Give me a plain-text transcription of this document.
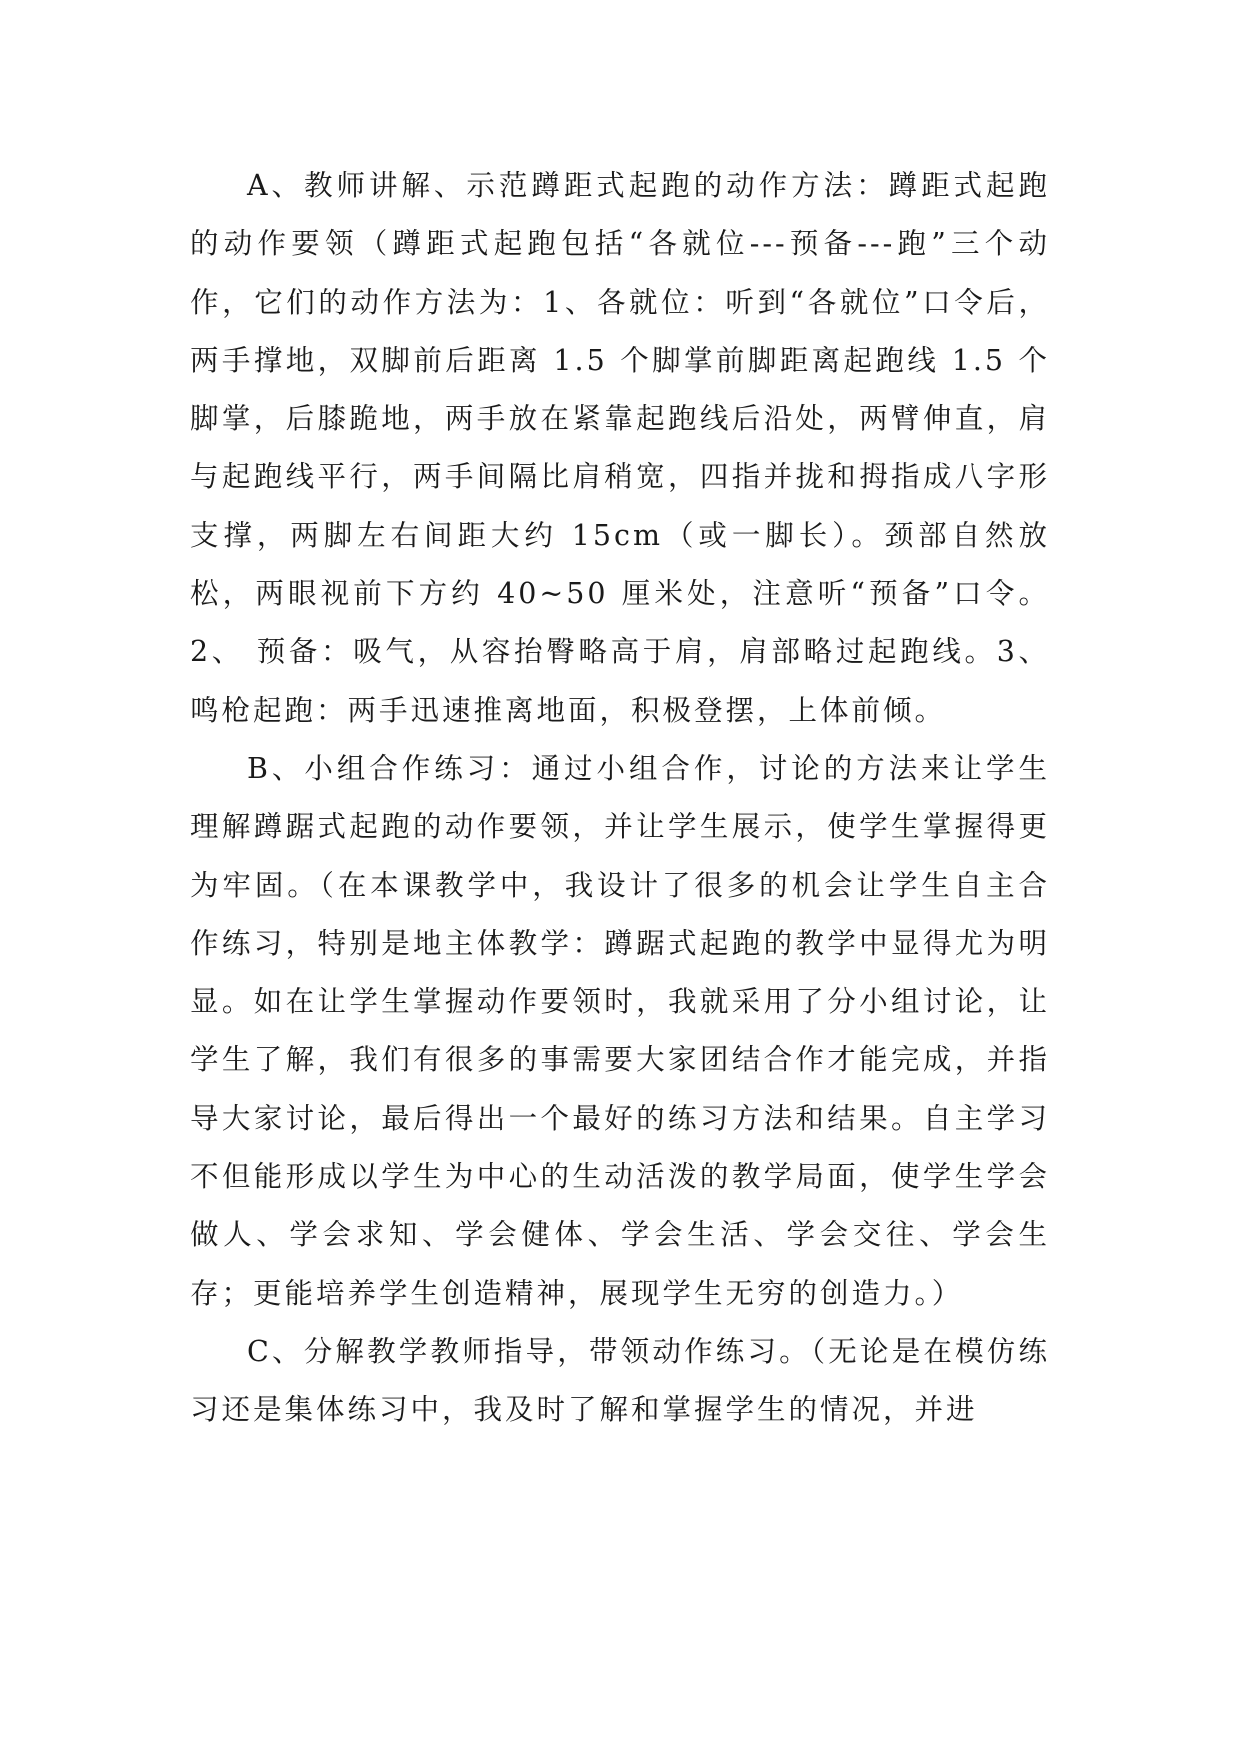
A、教师讲解、示范蹲距式起跑的动作方法：蹲距式起跑的动作要领（蹲距式起跑包括“各就位---预备---跑”三个动作，它们的动作方法为：1、各就位：听到“各就位”口令后，两手撑地，双脚前后距离 1.5 个脚掌前脚距离起跑线 1.5 个脚掌，后膝跪地，两手放在紧靠起跑线后沿处，两臂伸直，肩与起跑线平行，两手间隔比肩稍宽，四指并拢和拇指成八字形支撑，两脚左右间距大约 15cm（或一脚长）。颈部自然放松，两眼视前下方约 40~50 厘米处，注意听“预备”口令。2、 预备：吸气，从容抬臀略高于肩，肩部略过起跑线。3、鸣枪起跑：两手迅速推离地面，积极登摆，上体前倾。

B、小组合作练习：通过小组合作，讨论的方法来让学生理解蹲踞式起跑的动作要领，并让学生展示，使学生掌握得更为牢固。（在本课教学中，我设计了很多的机会让学生自主合作练习，特别是地主体教学：蹲踞式起跑的教学中显得尤为明显。如在让学生掌握动作要领时，我就采用了分小组讨论，让学生了解，我们有很多的事需要大家团结合作才能完成，并指导大家讨论，最后得出一个最好的练习方法和结果。自主学习不但能形成以学生为中心的生动活泼的教学局面，使学生学会做人、学会求知、学会健体、学会生活、学会交往、学会生存；更能培养学生创造精神，展现学生无穷的创造力。）

C、分解教学教师指导，带领动作练习。（无论是在模仿练习还是集体练习中，我及时了解和掌握学生的情况，并进
